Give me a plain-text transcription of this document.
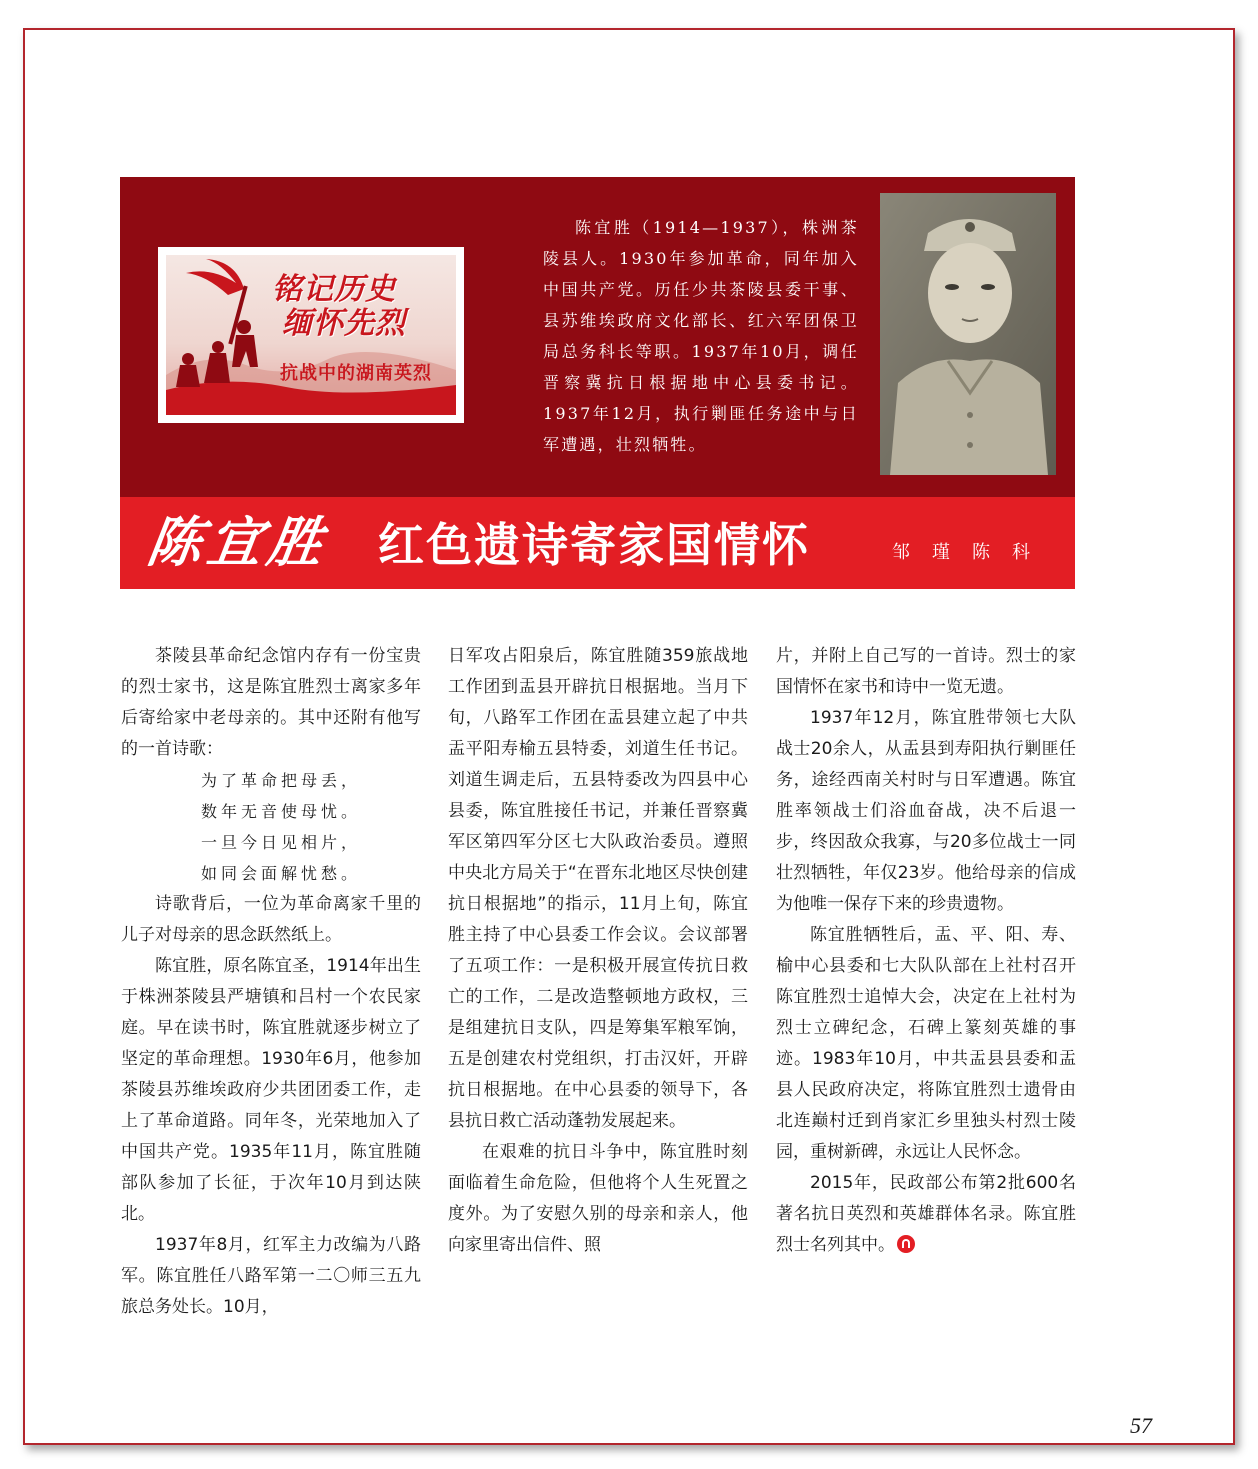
铭记历史
缅怀先烈
抗战中的湖南英烈

陈宜胜（1914—1937），株洲茶陵县人。1930年参加革命，同年加入中国共产党。历任少共茶陵县委干事、县苏维埃政府文化部长、红六军团保卫局总务科长等职。1937年10月，调任晋察冀抗日根据地中心县委书记。1937年12月，执行剿匪任务途中与日军遭遇，壮烈牺牲。

陈宜胜 红色遗诗寄家国情怀	邹瑾陈科

茶陵县革命纪念馆内存有一份宝贵的烈士家书，这是陈宜胜烈士离家多年后寄给家中老母亲的。其中还附有他写的一首诗歌：

为了革命把母丢，

数年无音使母忧。

一旦今日见相片，

如同会面解忧愁。

诗歌背后，一位为革命离家千里的儿子对母亲的思念跃然纸上。

陈宜胜，原名陈宜圣，1914年出生于株洲茶陵县严塘镇和吕村一个农民家庭。早在读书时，陈宜胜就逐步树立了坚定的革命理想。1930年6月，他参加茶陵县苏维埃政府少共团团委工作，走上了革命道路。同年冬，光荣地加入了中国共产党。1935年11月，陈宜胜随部队参加了长征，于次年10月到达陕北。

1937年8月，红军主力改编为八路军。陈宜胜任八路军第一二〇师三五九旅总务处长。10月，

日军攻占阳泉后，陈宜胜随359旅战地工作团到盂县开辟抗日根据地。当月下旬，八路军工作团在盂县建立起了中共盂平阳寿榆五县特委，刘道生任书记。刘道生调走后，五县特委改为四县中心县委，陈宜胜接任书记，并兼任晋察冀军区第四军分区七大队政治委员。遵照中央北方局关于“在晋东北地区尽快创建抗日根据地”的指示，11月上旬，陈宜胜主持了中心县委工作会议。会议部署了五项工作：一是积极开展宣传抗日救亡的工作，二是改造整顿地方政权，三是组建抗日支队，四是筹集军粮军饷，五是创建农村党组织，打击汉奸，开辟抗日根据地。在中心县委的领导下，各县抗日救亡活动蓬勃发展起来。

在艰难的抗日斗争中，陈宜胜时刻面临着生命危险，但他将个人生死置之度外。为了安慰久别的母亲和亲人，他向家里寄出信件、照

片，并附上自己写的一首诗。烈士的家国情怀在家书和诗中一览无遗。

1937年12月，陈宜胜带领七大队战士20余人，从盂县到寿阳执行剿匪任务，途经西南关村时与日军遭遇。陈宜胜率领战士们浴血奋战，决不后退一步，终因敌众我寡，与20多位战士一同壮烈牺牲，年仅23岁。他给母亲的信成为他唯一保存下来的珍贵遗物。

陈宜胜牺牲后，盂、平、阳、寿、榆中心县委和七大队队部在上社村召开陈宜胜烈士追悼大会，决定在上社村为烈士立碑纪念，石碑上篆刻英雄的事迹。1983年10月，中共盂县县委和盂县人民政府决定，将陈宜胜烈士遗骨由北连巅村迁到肖家汇乡里独头村烈士陵园，重树新碑，永远让人民怀念。

2015年，民政部公布第2批600名著名抗日英烈和英雄群体名录。陈宜胜烈士名列其中。

57
